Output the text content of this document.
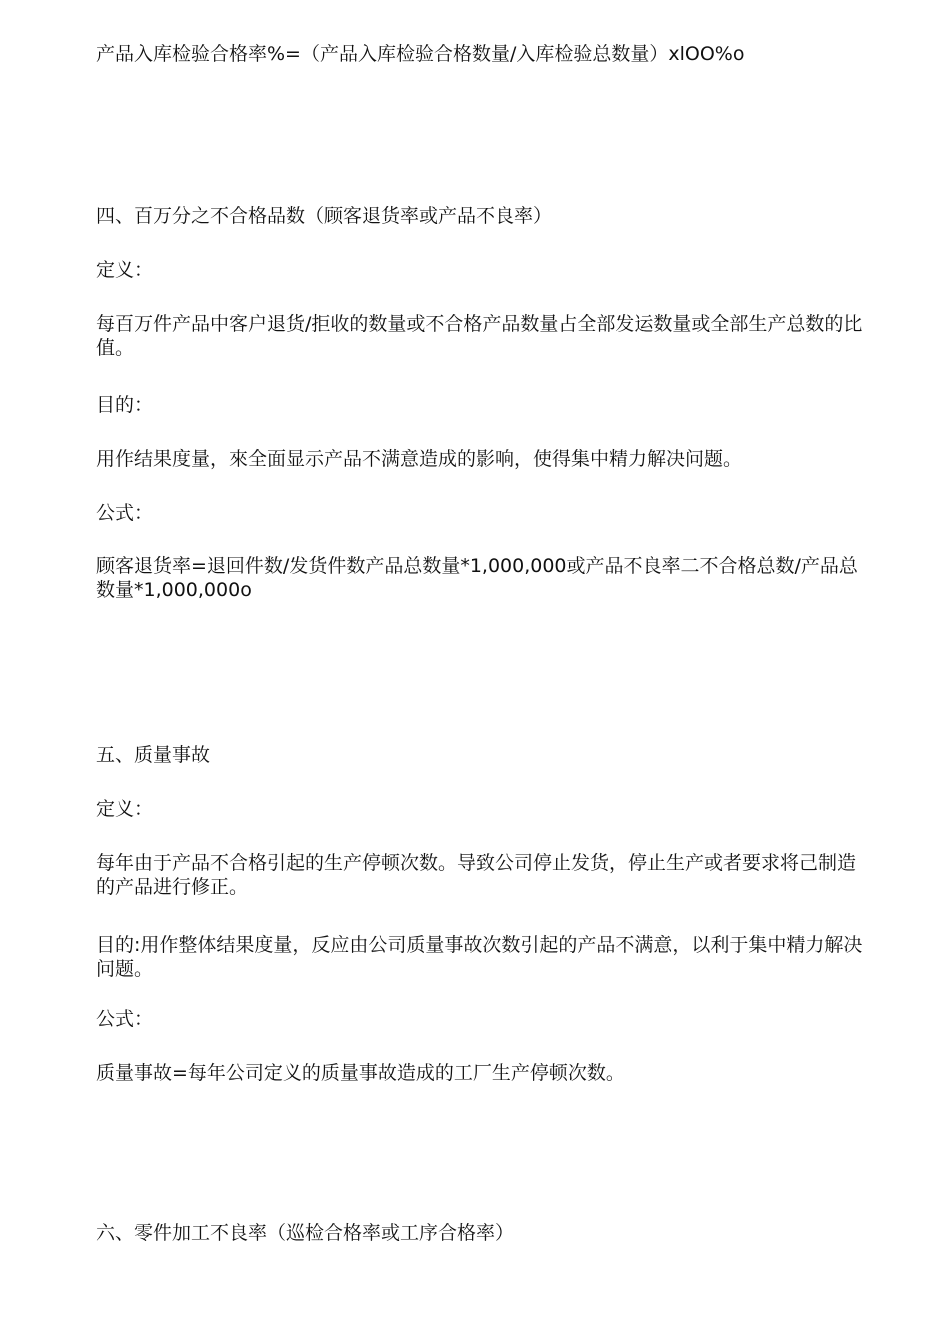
产品入库检验合格率%=（产品入库检验合格数量/入库检验总数量）xlOO%o

四、百万分之不合格品数（顾客退货率或产品不良率）

定义：

每百万件产品中客户退货/拒收的数量或不合格产品数量占全部发运数量或全部生产总数的比值。

目的：

用作结果度量，來全面显示产品不满意造成的影响，使得集中精力解决问题。

公式：

顾客退货率=退回件数/发货件数产品总数量*1,000,000或产品不良率二不合格总数/产品总数量*1,000,000o

五、质量事故

定义：

每年由于产品不合格引起的生产停顿次数。导致公司停止发货，停止生产或者要求将己制造的产品进行修正。

目的:用作整体结果度量，反应由公司质量事故次数引起的产品不满意，以利于集中精力解决问题。

公式：

质量事故=每年公司定义的质量事故造成的工厂生产停顿次数。

六、零件加工不良率（巡检合格率或工序合格率）
